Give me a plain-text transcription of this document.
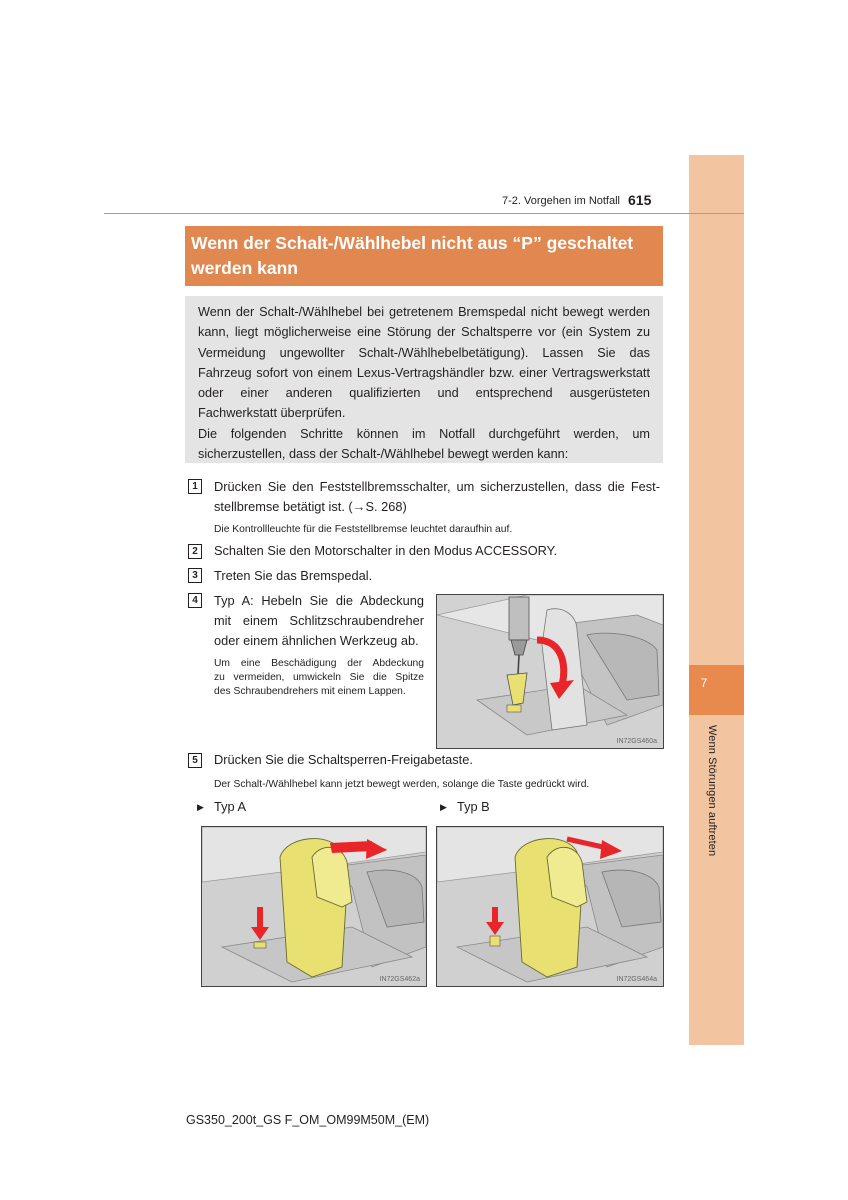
7
Wenn Störungen auftreten
7-2. Vorgehen im Notfall 615
Wenn der Schalt-/Wählhebel nicht aus “P” geschaltet
werden kann

Wenn der Schalt-/Wählhebel bei getretenem Bremspedal nicht bewegt werden kann, liegt möglicherweise eine Störung der Schaltsperre vor (ein System zu Vermeidung ungewollter Schalt-/Wählhebelbetätigung). Lassen Sie das Fahrzeug sofort von einem Lexus-Vertragshändler bzw. einer Vertragswerkstatt oder einer anderen qualifizierten und entsprechend ausgerüsteten Fachwerkstatt überprüfen.

Die folgenden Schritte können im Notfall durchgeführt werden, um sicherzustellen, dass der Schalt-/Wählhebel bewegt werden kann:

1	Drücken Sie den Feststellbremsschalter, um sicherzustellen, dass die Fest-
stellbremse betätigt ist. (→S. 268)
Die Kontrollleuchte für die Feststellbremse leuchtet daraufhin auf.
2	Schalten Sie den Motorschalter in den Modus ACCESSORY.
3	Treten Sie das Bremspedal.
4	Typ A: Hebeln Sie die Abdeckung
mit einem Schlitzschraubendreher
oder einem ähnlichen Werkzeug ab.
Um eine Beschädigung der Abdeckung
zu vermeiden, umwickeln Sie die Spitze
des Schraubendrehers mit einem Lappen.
IN72GS460a
5	Drücken Sie die Schaltsperren-Freigabetaste.
Der Schalt-/Wählhebel kann jetzt bewegt werden, solange die Taste gedrückt wird.
▶ Typ A	▶ Typ B
IN72GS462a	IN72GS464a
GS350_200t_GS F_OM_OM99M50M_(EM)
